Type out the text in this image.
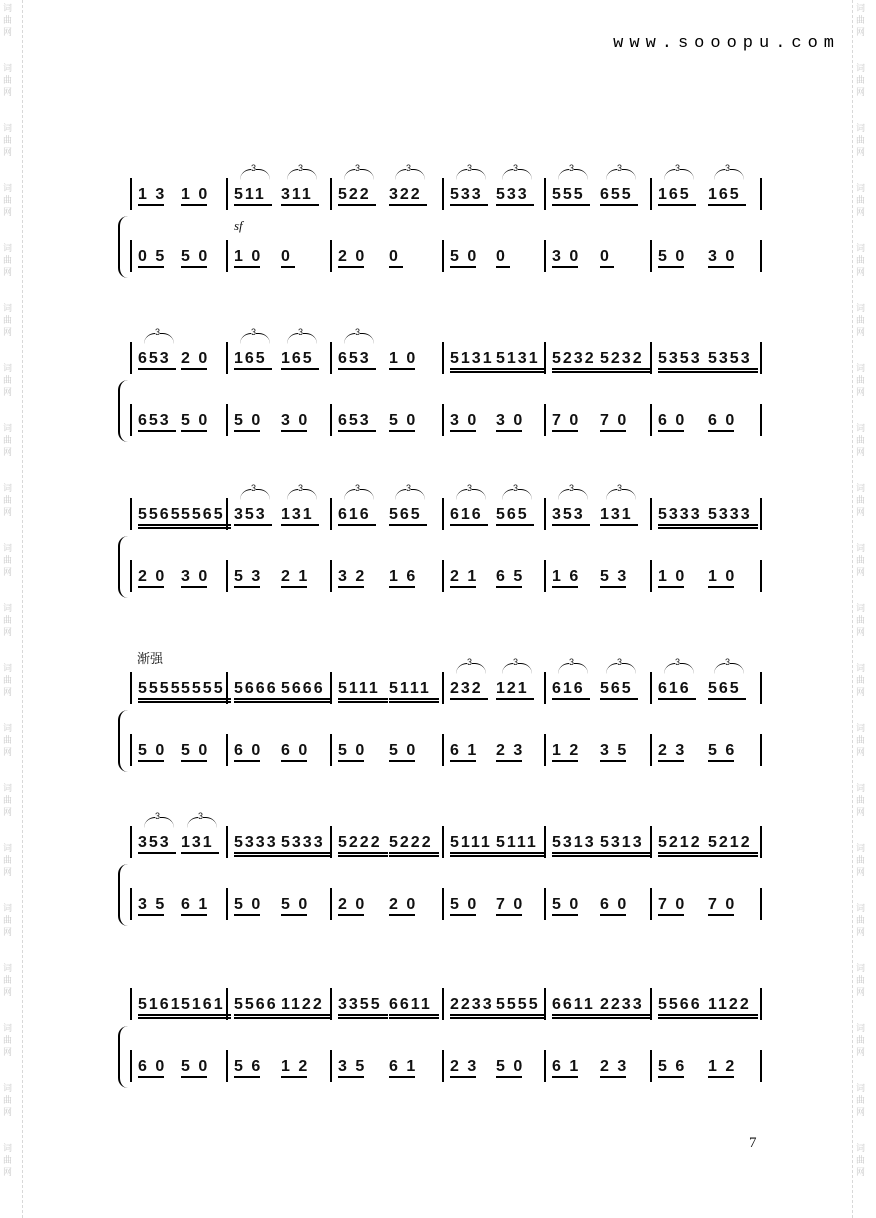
词
曲
网
词
曲
网
词
曲
网
词
曲
网
词
曲
网
词
曲
网
词
曲
网
词
曲
网
词
曲
网
词
曲
网
词
曲
网
词
曲
网
词
曲
网
词
曲
网
词
曲
网
词
曲
网
词
曲
网
词
曲
网
词
曲
网
词
曲
网
词
曲
网
词
曲
网
词
曲
网
词
曲
网
词
曲
网
词
曲
网
词
曲
网
词
曲
网
词
曲
网
词
曲
网
词
曲
网
词
曲
网
词
曲
网
词
曲
网
词
曲
网
词
曲
网
词
曲
网
词
曲
网
词
曲
网
词
曲
网
www.sooopu.com
7
sf
渐强
1 3 1 0 511
3
311
3
522
3
322
3
533
3
533
3
555
3
655
3
165
3
165
3
0 5 5 0 1 0 0	2 0 0	5 0 0	3 0 0	5 0 3 0
653
3
2 0 165
3
165
3
653
3
1 0 5131 5131 5232 5232 5353 5353
653 5 0 5 0 3 0 653 5 0 3 0 3 0 7 0 7 0 6 0 6 0
5565 5565 353
3
131
3
616
3
565
3
616
3
565
3
353
3
131
3
5333 5333
2 0 3 0 5 3 2 1 3 2 1 6 2 1 6 5 1 6 5 3 1 0 1 0
5555 5555 5666 5666 5111 5111 232
3
121
3
616
3
565
3
616
3
565
3
5 0 5 0 6 0 6 0 5 0 5 0 6 1 2 3 1 2 3 5 2 3 5 6
353
3
131
3
5333 5333 5222 5222 5111 5111 5313 5313 5212 5212
3 5 6 1 5 0 5 0 2 0 2 0 5 0 7 0 5 0 6 0 7 0 7 0
5161 5161 5566 1122 3355 6611 2233 5555 6611 2233 5566 1122
6 0 5 0 5 6 1 2 3 5 6 1 2 3 5 0 6 1 2 3 5 6 1 2
